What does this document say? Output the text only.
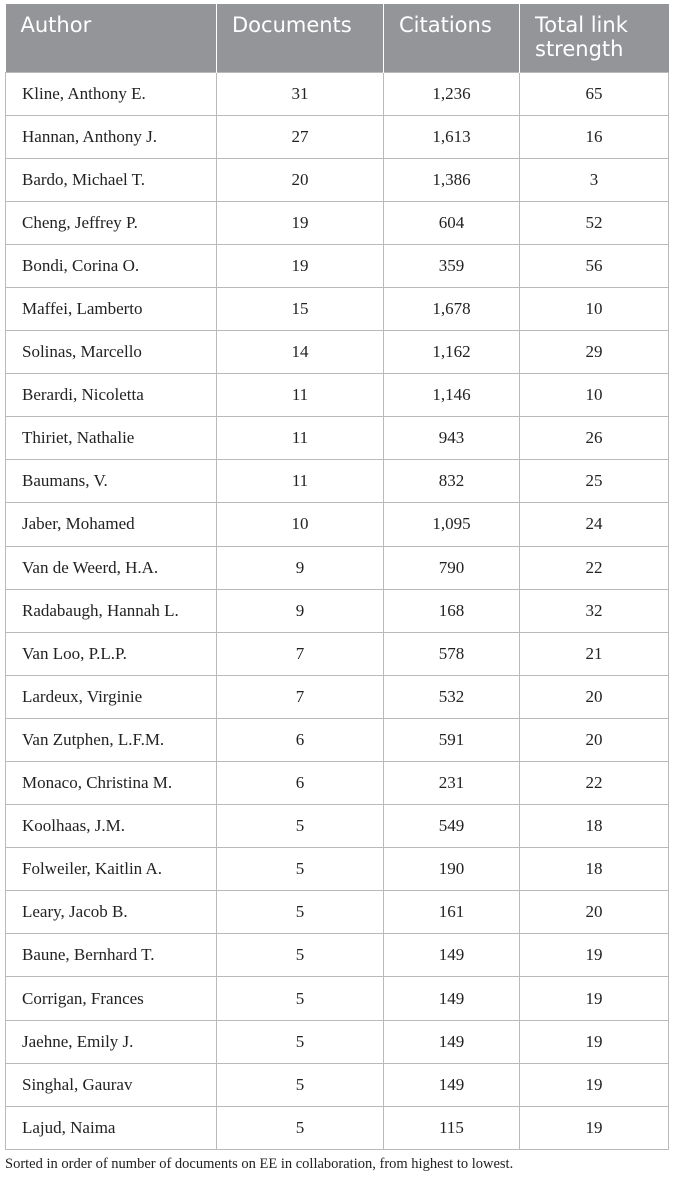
Author	Documents	Citations	Total link
strength
Kline, Anthony E.	31	1,236	65
Hannan, Anthony J.	27	1,613	16
Bardo, Michael T.	20	1,386	3
Cheng, Jeffrey P.	19	604	52
Bondi, Corina O.	19	359	56
Maffei, Lamberto	15	1,678	10
Solinas, Marcello	14	1,162	29
Berardi, Nicoletta	11	1,146	10
Thiriet, Nathalie	11	943	26
Baumans, V.	11	832	25
Jaber, Mohamed	10	1,095	24
Van de Weerd, H.A.	9	790	22
Radabaugh, Hannah L.	9	168	32
Van Loo, P.L.P.	7	578	21
Lardeux, Virginie	7	532	20
Van Zutphen, L.F.M.	6	591	20
Monaco, Christina M.	6	231	22
Koolhaas, J.M.	5	549	18
Folweiler, Kaitlin A.	5	190	18
Leary, Jacob B.	5	161	20
Baune, Bernhard T.	5	149	19
Corrigan, Frances	5	149	19
Jaehne, Emily J.	5	149	19
Singhal, Gaurav	5	149	19
Lajud, Naima	5	115	19
Sorted in order of number of documents on EE in collaboration, from highest to lowest.
